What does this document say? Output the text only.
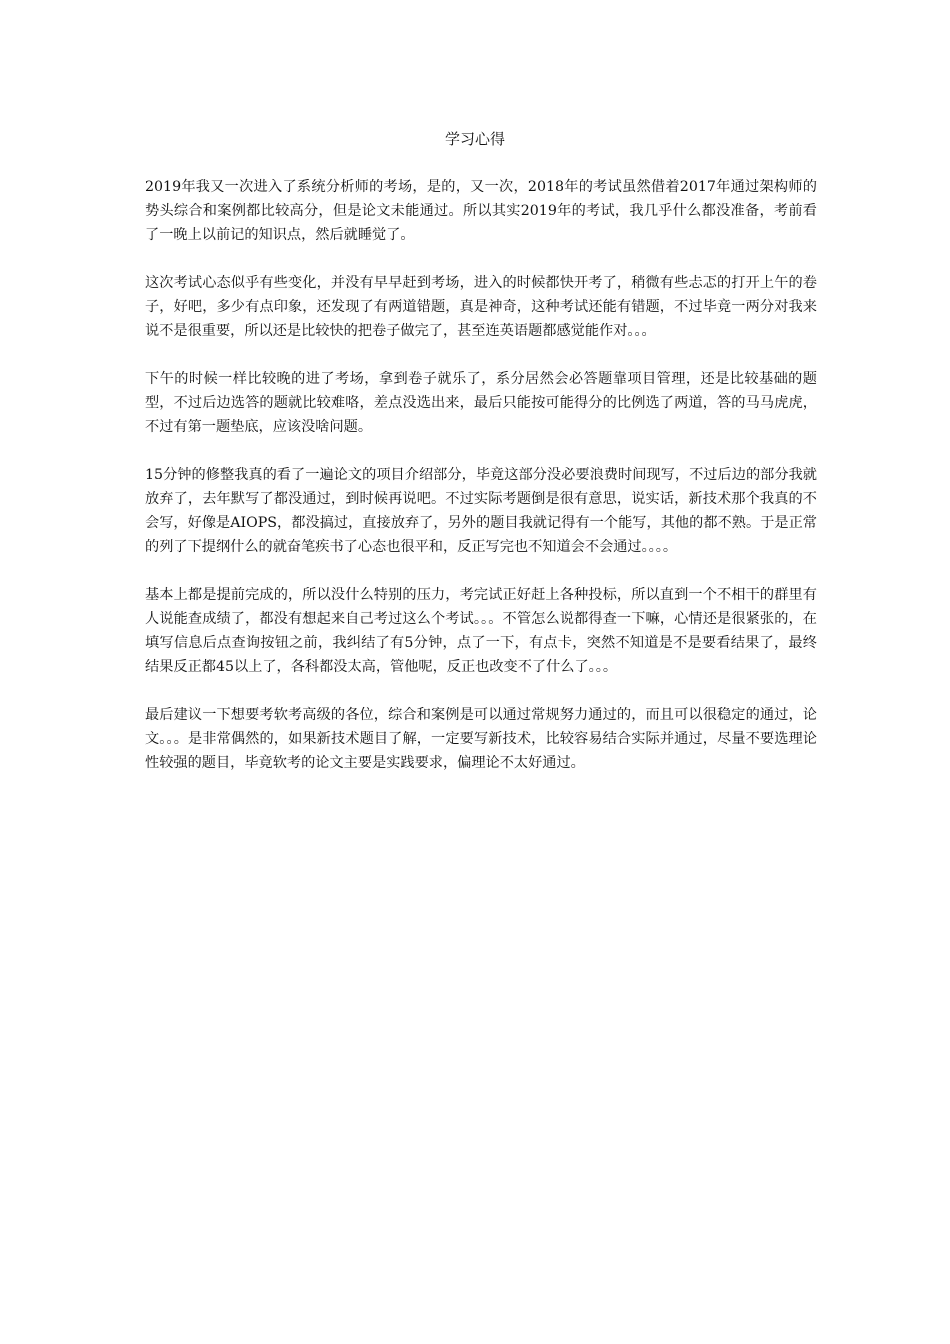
学习心得

2019年我又一次进入了系统分析师的考场，是的，又一次，2018年的考试虽然借着2017年通过架构师的势头综合和案例都比较高分，但是论文未能通过。所以其实2019年的考试，我几乎什么都没准备，考前看了一晚上以前记的知识点，然后就睡觉了。

这次考试心态似乎有些变化，并没有早早赶到考场，进入的时候都快开考了，稍微有些忐忑的打开上午的卷子，好吧，多少有点印象，还发现了有两道错题，真是神奇，这种考试还能有错题，不过毕竟一两分对我来说不是很重要，所以还是比较快的把卷子做完了，甚至连英语题都感觉能作对。。。

下午的时候一样比较晚的进了考场，拿到卷子就乐了，系分居然会必答题靠项目管理，还是比较基础的题型，不过后边选答的题就比较难咯，差点没选出来，最后只能按可能得分的比例选了两道，答的马马虎虎，不过有第一题垫底，应该没啥问题。

15分钟的修整我真的看了一遍论文的项目介绍部分，毕竟这部分没必要浪费时间现写，不过后边的部分我就放弃了，去年默写了都没通过，到时候再说吧。不过实际考题倒是很有意思，说实话，新技术那个我真的不会写，好像是AIOPS，都没搞过，直接放弃了，另外的题目我就记得有一个能写，其他的都不熟。于是正常的列了下提纲什么的就奋笔疾书了心态也很平和，反正写完也不知道会不会通过。。。。

基本上都是提前完成的，所以没什么特别的压力，考完试正好赶上各种投标，所以直到一个不相干的群里有人说能查成绩了，都没有想起来自己考过这么个考试。。。不管怎么说都得查一下嘛，心情还是很紧张的，在填写信息后点查询按钮之前，我纠结了有5分钟，点了一下，有点卡，突然不知道是不是要看结果了，最终结果反正都45以上了，各科都没太高，管他呢，反正也改变不了什么了。。。

最后建议一下想要考软考高级的各位，综合和案例是可以通过常规努力通过的，而且可以很稳定的通过，论文。。。是非常偶然的，如果新技术题目了解，一定要写新技术，比较容易结合实际并通过，尽量不要选理论性较强的题目，毕竟软考的论文主要是实践要求，偏理论不太好通过。
